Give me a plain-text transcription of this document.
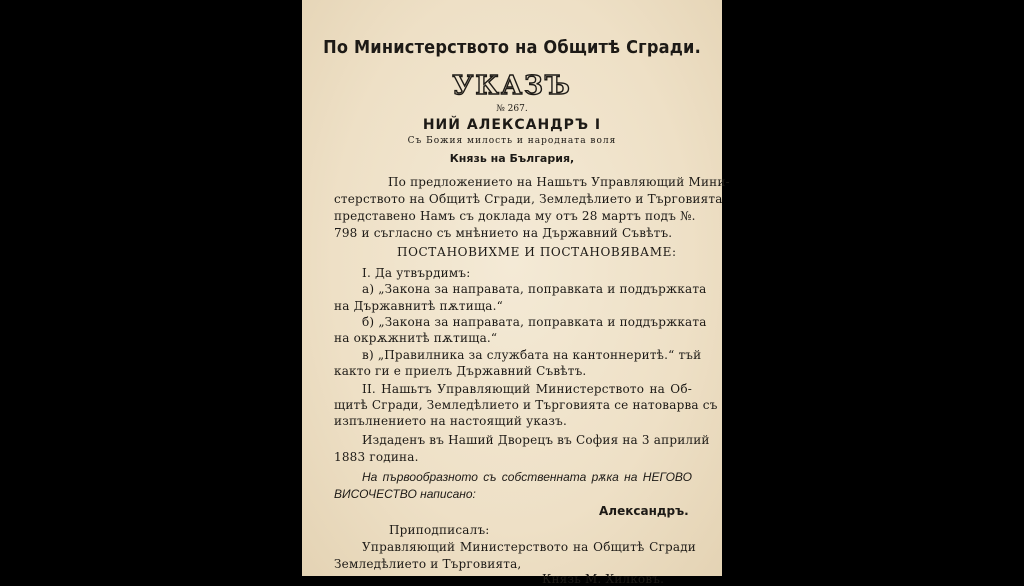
По Министерството на Общитѣ Сгради.
УКАЗЪ
№ 267.
НИЙ АЛЕКСАНДРЪ I
Съ Божия милость и народната воля
Князь на България,
По предложението на Нашьтъ Управляющий Мини-
стерството на Общитѣ Сгради, Земледѣлието и Търговията
представено Намъ съ доклада му отъ 28 мартъ подъ №.
798 и съгласно съ мнѣнието на Държавний Съвѣтъ.
ПОСТАНОВИХМЕ И ПОСТАНОВЯВАМЕ:
I. Да утвърдимъ:
а) „Закона за направата, поправката и поддържката
на Държавнитѣ пѫтища.“
б) „Закона за направата, поправката и поддържката
на окрѫжнитѣ пѫтища.“
в) „Правилника за службата на кантоннеритѣ.“ тъй
както ги е приелъ Държавний Съвѣтъ.
II. Нашьтъ Управляющий Министерството на Об-
щитѣ Сгради, Земледѣлието и Търговията се натоварва съ
изпълнението на настоящий указъ.
Издаденъ въ Наший Дворецъ въ София на 3 априлий
1883 година.
На първообразното съ собственната рѫка на НЕГОВО
ВИСОЧЕСТВО написано:
Александръ.
Приподписалъ:
Управляющий Министерството на Общитѣ Сгради
Земледѣлието и Търговията,
Князь М. Хилковъ.
